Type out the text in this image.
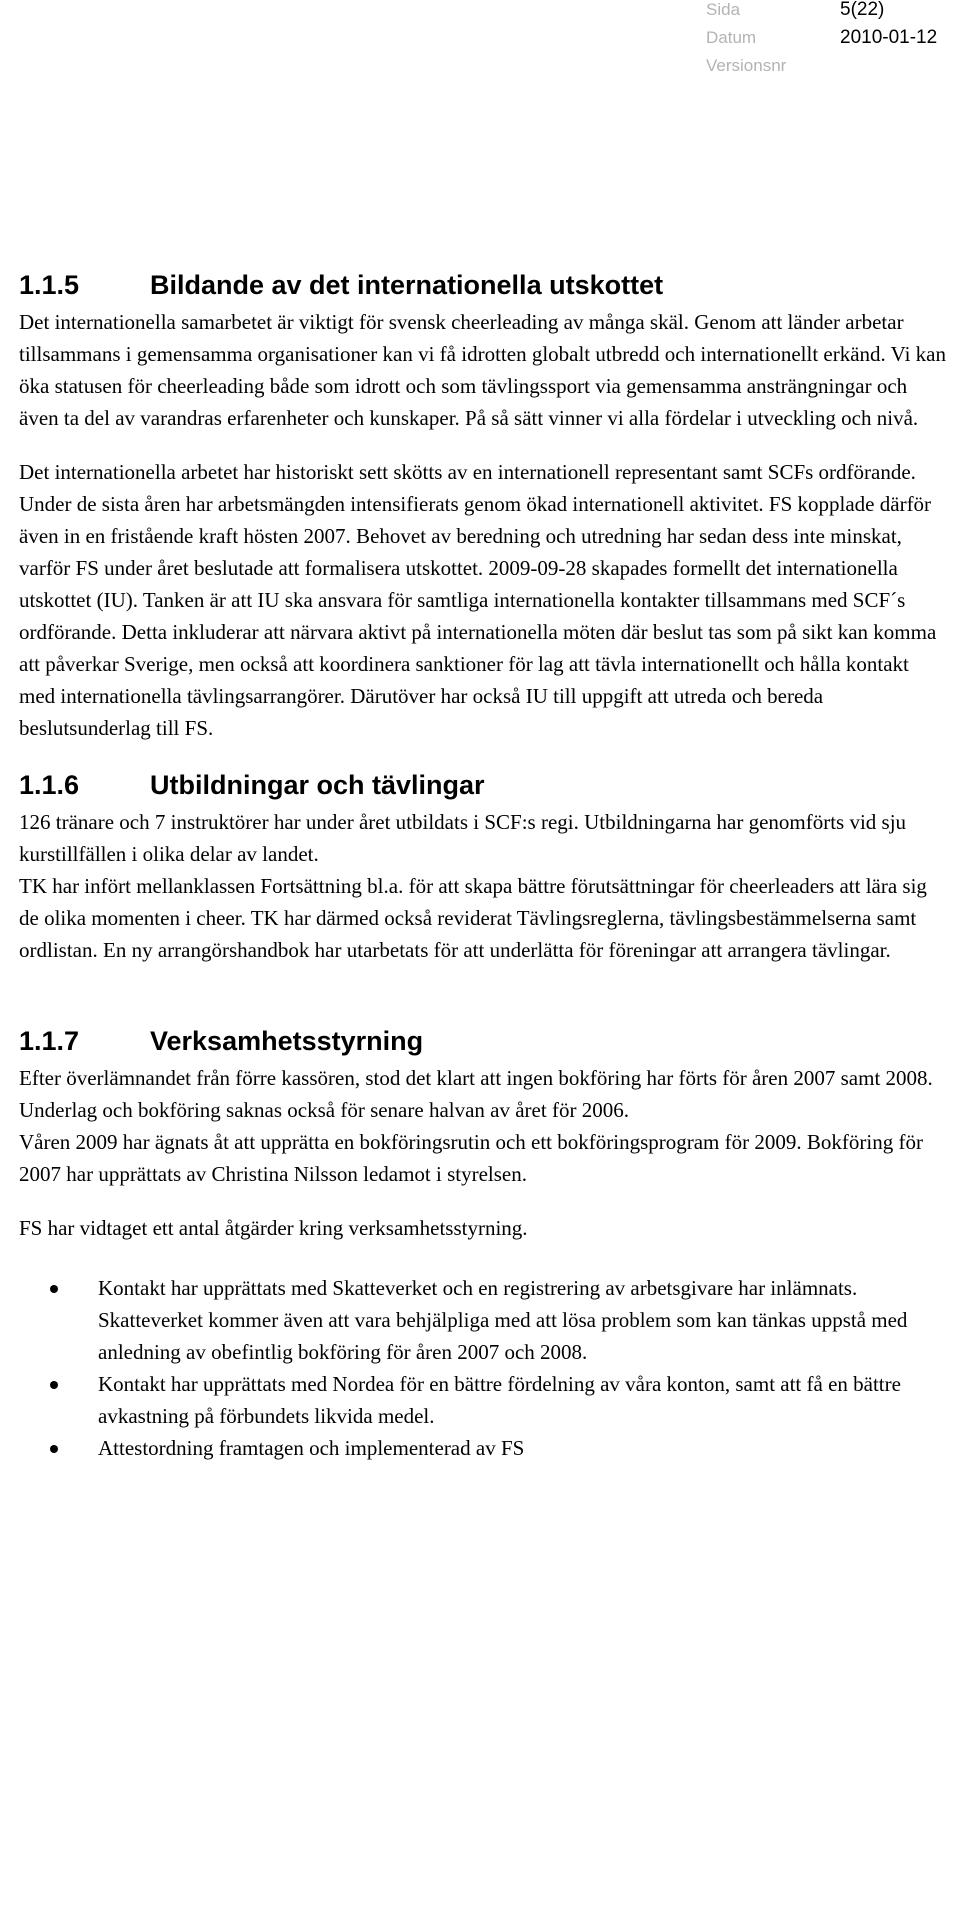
Sida	5(22)
Datum	2010-01-12
Versionsnr
1.1.5	Bildande av det internationella utskottet

Det internationella samarbetet är viktigt för svensk cheerleading av många skäl. Genom att länder arbetar tillsammans i gemensamma organisationer kan vi få idrotten globalt utbredd och internationellt erkänd. Vi kan öka statusen för cheerleading både som idrott och som tävlingssport via gemensamma ansträngningar och även ta del av varandras erfarenheter och kunskaper. På så sätt vinner vi alla fördelar i utveckling och nivå.

Det internationella arbetet har historiskt sett skötts av en internationell representant samt SCFs ordförande. Under de sista åren har arbetsmängden intensifierats genom ökad internationell aktivitet. FS kopplade därför även in en fristående kraft hösten 2007. Behovet av beredning och utredning har sedan dess inte minskat, varför FS under året beslutade att formalisera utskottet. 2009-09-28 skapades formellt det internationella utskottet (IU). Tanken är att IU ska ansvara för samtliga internationella kontakter tillsammans med SCF´s ordförande. Detta inkluderar att närvara aktivt på internationella möten där beslut tas som på sikt kan komma att påverkar Sverige, men också att koordinera sanktioner för lag att tävla internationellt och hålla kontakt med internationella tävlingsarrangörer. Därutöver har också IU till uppgift att utreda och bereda beslutsunderlag till FS.

1.1.6	Utbildningar och tävlingar

126 tränare och 7 instruktörer har under året utbildats i SCF:s regi. Utbildningarna har genomförts vid sju kurstillfällen i olika delar av landet.

TK har infört mellanklassen Fortsättning bl.a. för att skapa bättre förutsättningar för cheerleaders att lära sig de olika momenten i cheer. TK har därmed också reviderat Tävlingsreglerna, tävlingsbestämmelserna samt ordlistan. En ny arrangörshandbok har utarbetats för att underlätta för föreningar att arrangera tävlingar.

1.1.7	Verksamhetsstyrning

Efter överlämnandet från förre kassören, stod det klart att ingen bokföring har förts för åren 2007 samt 2008.

Underlag och bokföring saknas också för senare halvan av året för 2006.

Våren 2009 har ägnats åt att upprätta en bokföringsrutin och ett bokföringsprogram för 2009. Bokföring för 2007 har upprättats av Christina Nilsson ledamot i styrelsen.

FS har vidtaget ett antal åtgärder kring verksamhetsstyrning.

Kontakt har upprättats med Skatteverket och en registrering av arbetsgivare har inlämnats. Skatteverket kommer även att vara behjälpliga med att lösa problem som kan tänkas uppstå med anledning av obefintlig bokföring för åren 2007 och 2008.
Kontakt har upprättats med Nordea för en bättre fördelning av våra konton, samt att få en bättre avkastning på förbundets likvida medel.
Attestordning framtagen och implementerad av FS
